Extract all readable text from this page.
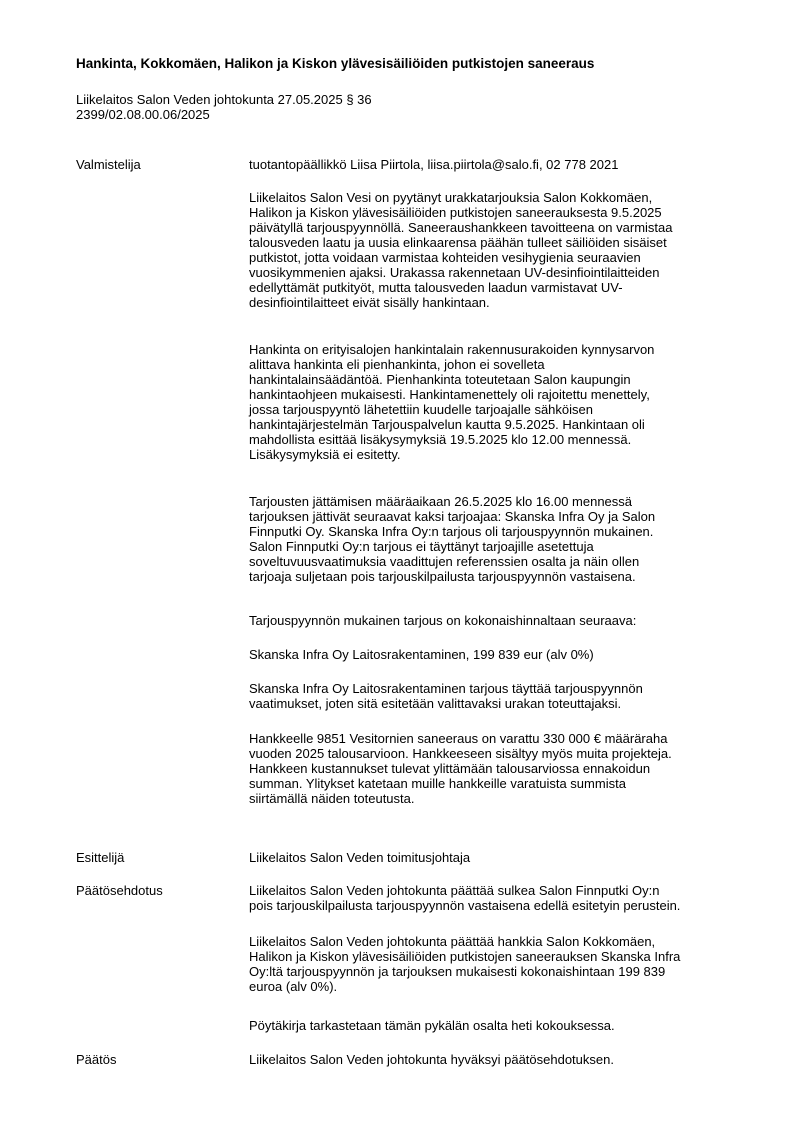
Hankinta, Kokkomäen, Halikon ja Kiskon ylävesisäiliöiden putkistojen saneeraus
Liikelaitos Salon Veden johtokunta 27.05.2025 § 36
2399/02.08.00.06/2025
Valmistelija	tuotantopäällikkö Liisa Piirtola, liisa.piirtola@salo.fi, 02 778 2021
Liikelaitos Salon Vesi on pyytänyt urakkatarjouksia Salon Kokkomäen,
Halikon ja Kiskon ylävesisäiliöiden putkistojen saneerauksesta 9.5.2025
päivätyllä tarjouspyynnöllä. Saneeraushankkeen tavoitteena on varmistaa
talousveden laatu ja uusia elinkaarensa päähän tulleet säiliöiden sisäiset
putkistot, jotta voidaan varmistaa kohteiden vesihygienia seuraavien
vuosikymmenien ajaksi. Urakassa rakennetaan UV-desinfiointilaitteiden
edellyttämät putkityöt, mutta talousveden laadun varmistavat UV-
desinfiointilaitteet eivät sisälly hankintaan.
Hankinta on erityisalojen hankintalain rakennusurakoiden kynnysarvon
alittava hankinta eli pienhankinta, johon ei sovelleta
hankintalainsäädäntöä. Pienhankinta toteutetaan Salon kaupungin
hankintaohjeen mukaisesti. Hankintamenettely oli rajoitettu menettely,
jossa tarjouspyyntö lähetettiin kuudelle tarjoajalle sähköisen
hankintajärjestelmän Tarjouspalvelun kautta 9.5.2025. Hankintaan oli
mahdollista esittää lisäkysymyksiä 19.5.2025 klo 12.00 mennessä.
Lisäkysymyksiä ei esitetty.
Tarjousten jättämisen määräaikaan 26.5.2025 klo 16.00 mennessä
tarjouksen jättivät seuraavat kaksi tarjoajaa: Skanska Infra Oy ja Salon
Finnputki Oy. Skanska Infra Oy:n tarjous oli tarjouspyynnön mukainen.
Salon Finnputki Oy:n tarjous ei täyttänyt tarjoajille asetettuja
soveltuvuusvaatimuksia vaadittujen referenssien osalta ja näin ollen
tarjoaja suljetaan pois tarjouskilpailusta tarjouspyynnön vastaisena.
Tarjouspyynnön mukainen tarjous on kokonaishinnaltaan seuraava:
Skanska Infra Oy Laitosrakentaminen, 199 839 eur (alv 0%)
Skanska Infra Oy Laitosrakentaminen tarjous täyttää tarjouspyynnön
vaatimukset, joten sitä esitetään valittavaksi urakan toteuttajaksi.
Hankkeelle 9851 Vesitornien saneeraus on varattu 330 000 € määräraha
vuoden 2025 talousarvioon. Hankkeeseen sisältyy myös muita projekteja.
Hankkeen kustannukset tulevat ylittämään talousarviossa ennakoidun
summan. Ylitykset katetaan muille hankkeille varatuista summista
siirtämällä näiden toteutusta.
Esittelijä	Liikelaitos Salon Veden toimitusjohtaja
Päätösehdotus	Liikelaitos Salon Veden johtokunta päättää sulkea Salon Finnputki Oy:n
pois tarjouskilpailusta tarjouspyynnön vastaisena edellä esitetyin perustein.
Liikelaitos Salon Veden johtokunta päättää hankkia Salon Kokkomäen,
Halikon ja Kiskon ylävesisäiliöiden putkistojen saneerauksen Skanska Infra
Oy:ltä tarjouspyynnön ja tarjouksen mukaisesti kokonaishintaan 199 839
euroa (alv 0%).
Pöytäkirja tarkastetaan tämän pykälän osalta heti kokouksessa.
Päätös	Liikelaitos Salon Veden johtokunta hyväksyi päätösehdotuksen.
